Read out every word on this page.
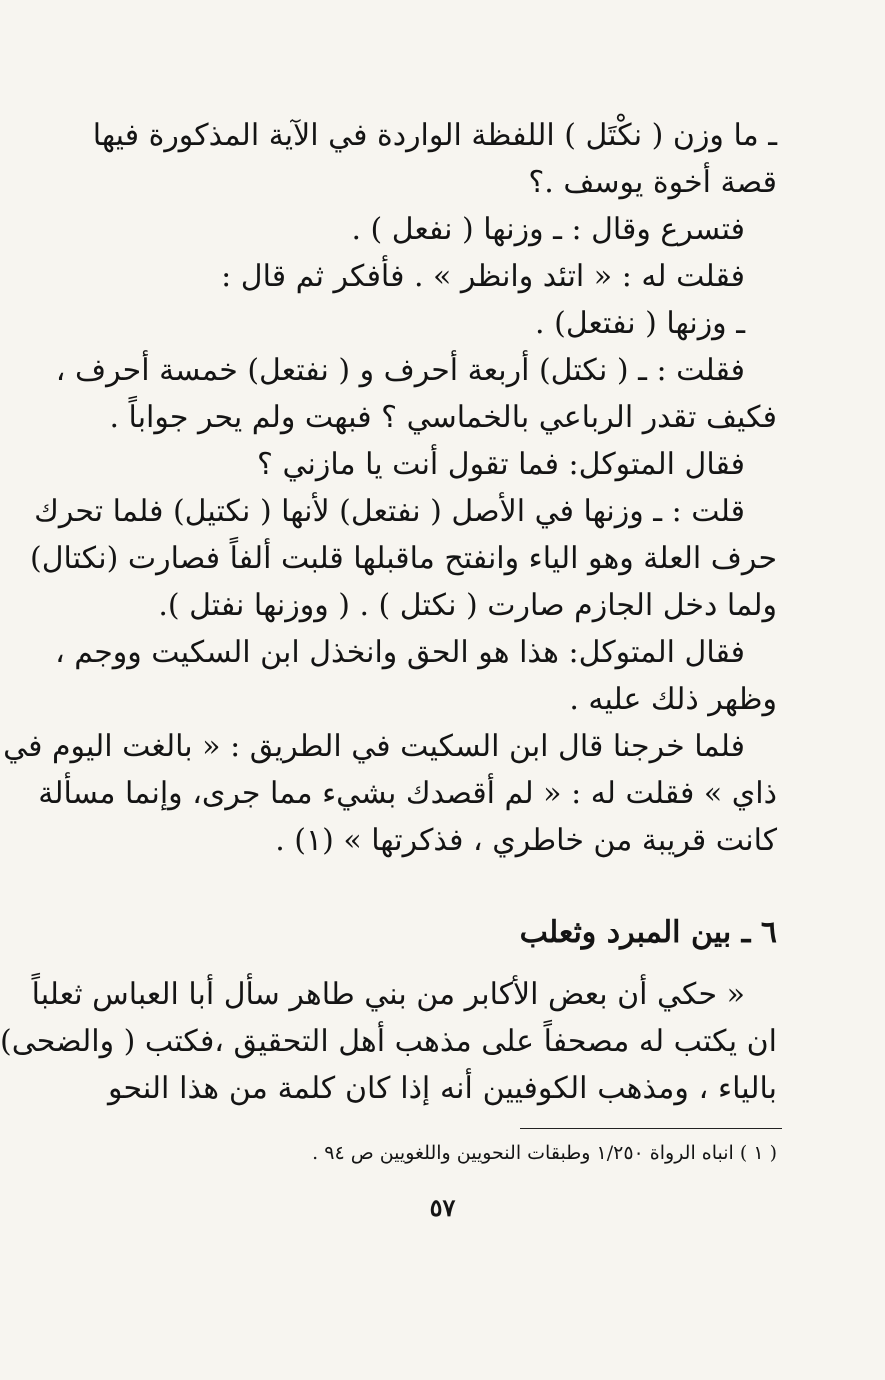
ـ ما وزن ( نكْتَل ) اللفظة الواردة في الآية المذكورة فيها
قصة أخوة يوسف .؟
فتسرع وقال : ـ وزنها ( نفعل ) .
فقلت له : « اتئد وانظر » . فأفكر ثم قال :
ـ وزنها ( نفتعل) .
فقلت : ـ ( نكتل) أربعة أحرف و ( نفتعل) خمسة أحرف ،
فكيف تقدر الرباعي بالخماسي ؟ فبهت ولم يحر جواباً .
فقال المتوكل: فما تقول أنت يا مازني ؟
قلت : ـ وزنها في الأصل ( نفتعل) لأنها ( نكتيل) فلما تحرك
حرف العلة وهو الياء وانفتح ماقبلها قلبت ألفاً فصارت (نكتال)
ولما دخل الجازم صارت ( نكتل ) . ( ووزنها نفتل ).
فقال المتوكل: هذا هو الحق وانخذل ابن السكيت ووجم ،
وظهر ذلك عليه .
فلما خرجنا قال ابن السكيت في الطريق : « بالغت اليوم في
ذاي » فقلت له : « لم أقصدك بشيء مما جرى، وإنما مسألة
كانت قريبة من خاطري ، فذكرتها » (١) .
٦ ـ بين المبرد وثعلب
« حكي أن بعض الأكابر من بني طاهر سأل أبا العباس ثعلباً
ان يكتب له مصحفاً على مذهب أهل التحقيق ،فكتب ( والضحى)
بالياء ، ومذهب الكوفيين أنه إذا كان كلمة من هذا النحو
( ١ ) انباه الرواة ١/٢٥٠ وطبقات النحويين واللغويين ص ٩٤ .
٥٧
